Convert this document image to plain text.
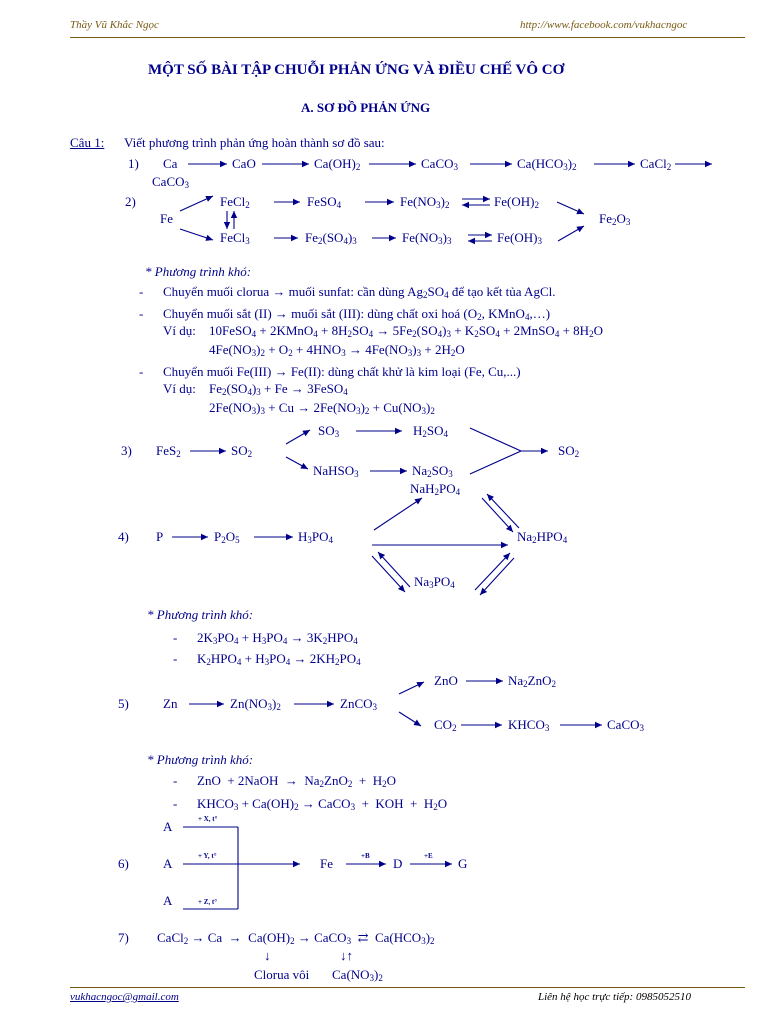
Thầy Vũ Khắc Ngọc	http://www.facebook.com/vukhacngoc
MỘT SỐ BÀI TẬP CHUỖI PHẢN ỨNG VÀ ĐIỀU CHẾ VÔ CƠ
A. SƠ ĐỒ PHẢN ỨNG
Câu 1: Viết phương trình phản ứng hoàn thành sơ đồ sau:
1) Ca	CaO	$Ca(OH)_2$	CaCO$_3$	$Ca(HCO_3)_2$	CaCl$_2$
CaCO$_3$
2)
Fe
FeCl$_2$	FeSO$_4$	$Fe(NO_3)_2$	$Fe(OH)_2$
$Fe_2O_3$
FeCl$_3$	$Fe_2(SO_4)_3$	$Fe(NO_3)_3$	$Fe(OH)_3$
* Phương trình khó:
- Chuyển muối clorua → muối sunfat: cần dùng $Ag_2SO_4$ để tạo kết tủa AgCl.
- Chuyển muối sắt (II) → muối sắt (III): dùng chất oxi hoá ($O_2$, KMnO$_4$,…)
Ví dụ: 10FeSO$_4$ + 2KMnO$_4$ + $8H_2SO_4 \to 5Fe_2(SO_4)_3 + K_2SO_4$ + 2MnSO$_4$ + $8H_2O$
$4Fe(NO_3)_2 + O_2 + 4HNO_3 \to 4Fe(NO_3)_3 + 2H_2O$
- Chuyển muối Fe(III) → Fe(II): dùng chất khử là kim loại (Fe, Cu,...)
Ví dụ: $Fe_2(SO_4)_3 + Fe$ → 3FeSO$_4$
$2Fe(NO_3)_3 + Cu \to 2Fe(NO_3)_2 + Cu(NO_3)_2$
3) FeS$_2$	$SO_2$
$SO_3$	$H_2SO_4$
NaHSO$_3$	$Na_2SO_3$
$SO_2$
$NaH_2PO_4$
4) P	$P_2O_5$	$H_3PO_4$	$Na_2HPO_4$
$Na_3PO_4$
* Phương trình khó:
- $2K_3PO_4 + H_3PO_4 \to 3K_2HPO_4$
- $K_2HPO_4 + H_3PO_4 \to 2KH_2PO_4$
ZnO	$Na_2ZnO_2$
5)	Zn	$Zn(NO_3)_2$	ZnCO$_3$
$CO_2$	$KHCO_3$	CaCO$_3$
* Phương trình khó:
- ZnO  + 2NaOH  →  $Na_2ZnO_2 + H_2O$
- $KHCO_3 + Ca(OH)_2$ → CaCO$_3$  +  KOH  +  $H_2O$
A	+ X, t°
6)	A	+ Y, t°	Fe	+B D	+E G
A	+ Z, t°
7) CaCl$_2$ → $Ca \to Ca(OH)_2$ → CaCO$_3$  ⇄  $Ca(HCO_3)_2$
↓	↓↑
Clorua vôi $Ca(NO_3)_2$
vukhacngoc@gmail.com	Liên hệ học trực tiếp: 0985052510
